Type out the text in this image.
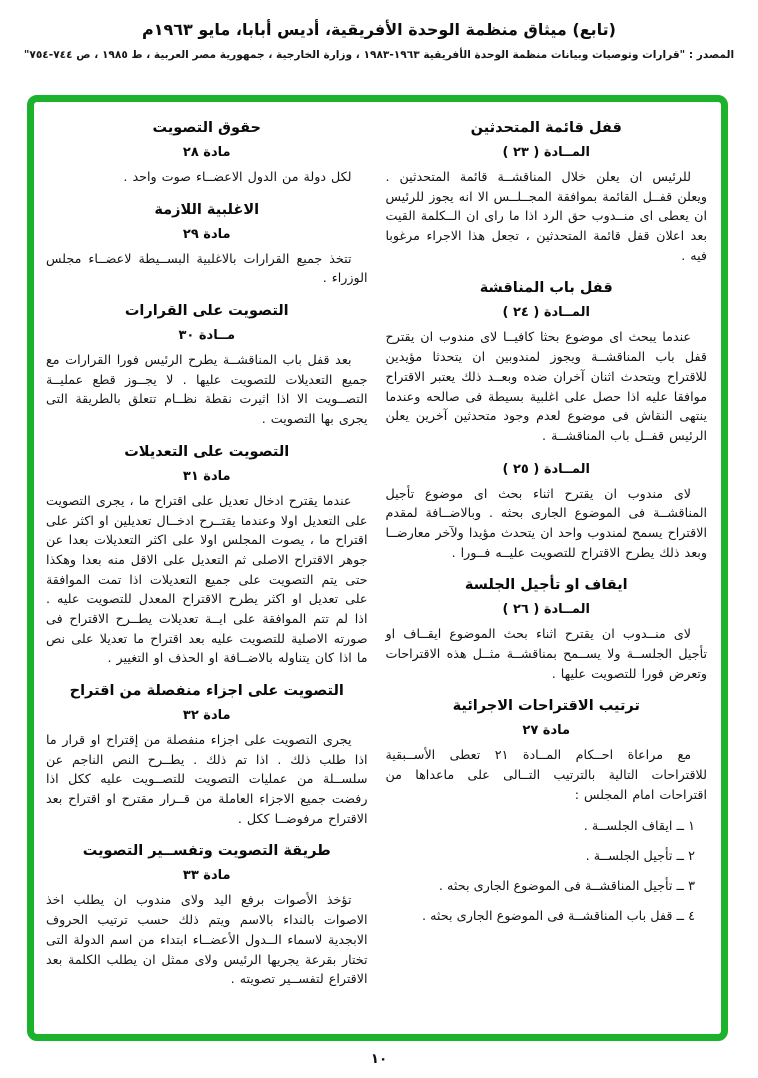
(تابع) ميثاق منظمة الوحدة الأفريقية، أديس أبابا، مايو ١٩٦٣م
المصدر : "قرارات وتوصيات وبيانات منظمة الوحدة الأفريقية ١٩٦٣-١٩٨٣ ، وزارة الخارجية ، جمهورية مصر العربية ، ط ١٩٨٥ ، ص ٧٤٤-٧٥٤"
قفل قائمة المتحدثين
المــادة ( ٢٣ )

للرئيس ان يعلن خلال المناقشــة قائمة المتحدثين . ويعلن قفــل القائمة بموافقة المجــلــس الا انه يجوز للرئيس ان يعطى اى منــدوب حق الرد اذا ما راى ان الــكلمة القيت بعد اعلان قفل قائمة المتحدثين ، تجعل هذا الاجراء مرغوبا فيه .

قفل باب المناقشة
المــادة ( ٢٤ )

عندما يبحث اى موضوع بحثا كافيــا لاى مندوب ان يقترح قفل باب المناقشــة ويجوز لمندوبين ان يتحدثا مؤيدين للاقتراح ويتحدث اثنان آخران ضده وبعــد ذلك يعتبر الاقتراح موافقا عليه اذا حصل على اغلبية بسيطة فى صالحه وعندما ينتهى النقاش فى موضوع لعدم وجود متحدثين آخرين يعلن الرئيس قفــل باب المناقشــة .

المــادة ( ٢٥ )

لاى مندوب ان يقترح اثناء بحث اى موضوع تأجيل المناقشــة فى الموضوع الجارى بحثه . وبالاضــافة لمقدم الاقتراح يسمح لمندوب واحد ان يتحدث مؤيدا ولآخر معارضــا وبعد ذلك يطرح الاقتراح للتصويت عليــه فــورا .

ايقاف او تأجيل الجلسة
المــادة ( ٢٦ )

لاى منــدوب ان يقترح اثناء بحث الموضوع ايقــاف او تأجيل الجلســة ولا يســمح بمناقشــة مثــل هذه الاقتراحات وتعرض فورا للتصويت عليها .

ترتيب الاقتراحات الاجرائية
مادة ٢٧

مع مراعاة احــكام المــادة ٢١ تعطى الأســبقية للاقتراحات التالية بالترتيب التــالى على ماعداها من اقتراحات امام المجلس :

١ ــ ايقاف الجلســة .
٢ ــ تأجيل الجلســة .
٣ ــ تأجيل المناقشــة فى الموضوع الجارى بحثه .
٤ ــ قفل باب المناقشــة فى الموضوع الجارى بحثه .
حقوق التصويت
مادة ٢٨

لكل دولة من الدول الاعضــاء صوت واحد .

الاغلبية اللازمة
مادة ٢٩

تتخذ جميع القرارات بالاغلبية البســيطة لاعضــاء مجلس الوزراء .

التصويت على القرارات
مــادة ٣٠

بعد قفل باب المناقشــة يطرح الرئيس فورا القرارات مع جميع التعديلات للتصويت عليها . لا يجــوز قطع عمليــة التصــويت الا اذا اثيرت نقطة نظــام تتعلق بالطريقة التى يجرى بها التصويت .

التصويت على التعديلات
مادة ٣١

عندما يقترح ادخال تعديل على اقتراح ما ، يجرى التصويت على التعديل اولا وعندما يقتــرح ادخــال تعديلين او اكثر على اقتراح ما ، يصوت المجلس اولا على اكثر التعديلات بعدا عن جوهر الاقتراح الاصلى ثم التعديل على الاقل منه بعدا وهكذا حتى يتم التصويت على جميع التعديلات اذا تمت الموافقة على تعديل او اكثر يطرح الاقتراح المعدل للتصويت عليه . اذا لم تتم الموافقة على ايــة تعديلات يطــرح الاقتراح فى صورته الاصلية للتصويت عليه بعد اقتراح ما تعديلا على نص ما اذا كان يتناوله بالاضــافة او الحذف او التغيير .

التصويت على اجزاء منفصلة من اقتراح
مادة ٣٢

يجرى التصويت على اجزاء منفصلة من إقتراح او قرار ما اذا طلب ذلك . اذا تم ذلك . يطــرح النص الناجم عن سلســلة من عمليات التصويت للتصــويت عليه ككل اذا رفضت جميع الاجزاء العاملة من قــرار مقترح او اقتراح بعد الاقتراح مرفوضــا ككل .

طريقة التصويت وتفســير التصويت
مادة ٣٣

تؤخذ الأصوات برفع اليد ولاى مندوب ان يطلب اخذ الاصوات بالنداء بالاسم ويتم ذلك حسب ترتيب الحروف الابجدية لاسماء الــدول الأعضــاء ابتداء من اسم الدولة التى تختار بقرعة يجريها الرئيس ولاى ممثل ان يطلب الكلمة بعد الاقتراع لتفســير تصويته .

١٠
